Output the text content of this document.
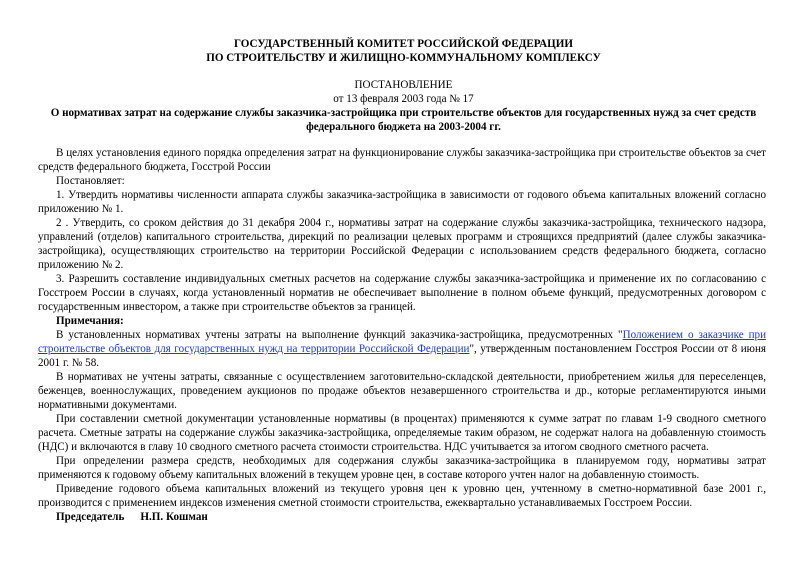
ГОСУДАРСТВЕННЫЙ КОМИТЕТ РОССИЙСКОЙ ФЕДЕРАЦИИ
ПО СТРОИТЕЛЬСТВУ И ЖИЛИЩНО-КОММУНАЛЬНОМУ КОМПЛЕКСУ
ПОСТАНОВЛЕНИЕ
от 13 февраля 2003 года № 17
О нормативах затрат на содержание службы заказчика-застройщика при строительстве объектов для государственных нужд за счет средств
федерального бюджета на 2003-2004 гг.

В целях установления единого порядка определения затрат на функционирование службы заказчика-застройщика при строительстве объектов за счет средств федерального бюджета, Госстрой России

Постановляет:

1. Утвердить нормативы численности аппарата службы заказчика-застройщика в зависимости от годового объема капитальных вложений согласно приложению № 1.

2 . Утвердить, со сроком действия до 31 декабря 2004 г., нормативы затрат на содержание службы заказчика-застройщика, технического надзора, управлений (отделов) капитального строительства, дирекций по реализации целевых программ и строящихся предприятий (далее службы заказчика-застройщика), осуществляющих строительство на территории Российской Федерации с использованием средств федерального бюджета, согласно приложению № 2.

3. Разрешить составление индивидуальных сметных расчетов на содержание службы заказчика-застройщика и применение их по согласованию с Госстроем России в случаях, когда установленный норматив не обеспечивает выполнение в полном объеме функций, предусмотренных договором с государственным инвестором, а также при строительстве объектов за границей.

Примечания:

В установленных нормативах учтены затраты на выполнение функций заказчика-застройщика, предусмотренных "Положением о заказчике при строительстве объектов для государственных нужд на территории Российской Федерации", утвержденным постановлением Госстроя России от 8 июня 2001 г. № 58.

В нормативах не учтены затраты, связанные с осуществлением заготовительно-складской деятельности, приобретением жилья для переселенцев, беженцев, военнослужащих, проведением аукционов по продаже объектов незавершенного строительства и др., которые регламентируются иными нормативными документами.

При составлении сметной документации установленные нормативы (в процентах) применяются к сумме затрат по главам 1-9 сводного сметного расчета. Сметные затраты на содержание службы заказчика-застройщика, определяемые таким образом, не содержат налога на добавленную стоимость (НДС) и включаются в главу 10 сводного сметного расчета стоимости строительства. НДС учитывается за итогом сводного сметного расчета.

При определении размера средств, необходимых для содержания службы заказчика-застройщика в планируемом году, нормативы затрат применяются к годовому объему капитальных вложений в текущем уровне цен, в составе которого учтен налог на добавленную стоимость.

Приведение годового объема капитальных вложений из текущего уровня цен к уровню цен, учтенному в сметно-нормативной базе 2001 г., производится с применением индексов изменения сметной стоимости строительства, ежеквартально устанавливаемых Госстроем России.

Председатель Н.П. Кошман
